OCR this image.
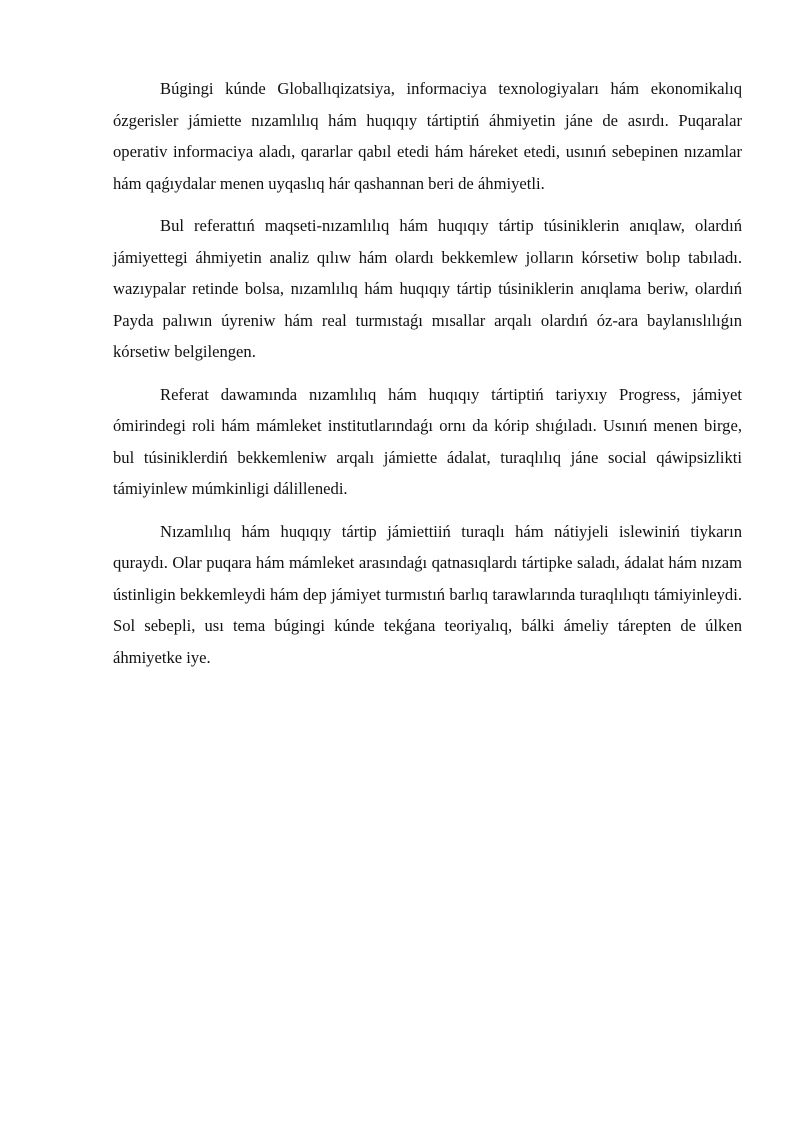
Búgingi kúnde Globallıqizatsiya, informaciya texnologiyaları hám ekonomikalıq ózgerisler jámiette nızamlılıq hám huqıqıy tártiptiń áhmiyetin jáne de asırdı. Puqaralar operativ informaciya aladı, qararlar qabıl etedi hám háreket etedi, usınıń sebepinen nızamlar hám qaǵıydalar menen uyqaslıq hár qashannan beri de áhmiyetli.

Bul referattıń maqseti-nızamlılıq hám huqıqıy tártip túsiniklerin anıqlaw, olardıń jámiyettegi áhmiyetin analiz qılıw hám olardı bekkemlew jolların kórsetiw bolıp tabıladı. wazıypalar retinde bolsa, nızamlılıq hám huqıqıy tártip túsiniklerin anıqlama beriw, olardıń Payda palıwın úyreniw hám real turmıstaǵı mısallar arqalı olardıń óz-ara baylanıslılıǵın kórsetiw belgilengen.

Referat dawamında nızamlılıq hám huqıqıy tártiptiń tariyxıy Progress, jámiyet ómirindegi roli hám mámleket institutlarındaǵı ornı da kórip shıǵıladı. Usınıń menen birge, bul túsiniklerdiń bekkemleniw arqalı jámiette ádalat, turaqlılıq jáne social qáwipsizlikti támiyinlew múmkinligi dálillenedi.

Nızamlılıq hám huqıqıy tártip jámiettiiń turaqlı hám nátiyjeli islewiniń tiykarın quraydı. Olar puqara hám mámleket arasındaǵı qatnasıqlardı tártipke saladı, ádalat hám nızam ústinligin bekkemleydi hám dep jámiyet turmıstıń barlıq tarawlarında turaqlılıqtı támiyinleydi. Sol sebepli, usı tema búgingi kúnde tekǵana teoriyalıq, bálki ámeliy tárepten de úlken áhmiyetke iye.
